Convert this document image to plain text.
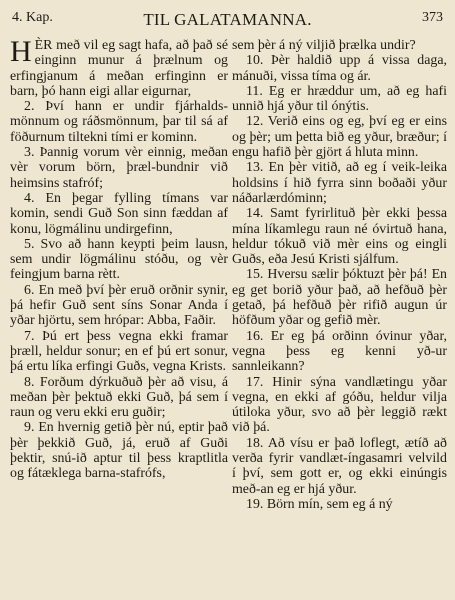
4. Kap.	TIL GALATAMANNA.	373

HÈR með vil eg sagt hafa, að það sé einginn munur á þrælnum og erfingjanum á meðan erfinginn er barn, þó hann eigi allar eigurnar,

2. Því hann er undir fjárhalds-mönnum og ráðsmönnum, þar til sá af föðurnum tiltekni tími er kominn.

3. Þannig vorum vèr einnig, meðan vèr vorum börn, þræl-bundnir við heimsins stafróf;

4. En þegar fylling tímans var komin, sendi Guð Son sinn fæddan af konu, lögmálinu undirgefinn,

5. Svo að hann keypti þeim lausn, sem undir lögmálinu stóðu, og vèr feingjum barna rètt.

6. En með því þèr eruð orðnir synir, þá hefir Guð sent síns Sonar Anda í yðar hjörtu, sem hrópar: Abba, Faðir.

7. Þú ert þess vegna ekki framar þræll, heldur sonur; en ef þú ert sonur, þá ertu líka erfingi Guðs, vegna Krists.

8. Forðum dýrkuðuð þèr að visu, á meðan þèr þektuð ekki Guð, þá sem í raun og veru ekki eru guðir;

9. En hvernig getið þèr nú, eptir það þèr þekkið Guð, já, eruð af Guði þektir, snú-ið aptur til þess kraptlitla og fátæklega barna-stafrófs,

sem þèr á ný viljið þrælka undir?

10. Þèr haldið upp á vissa daga, mánuði, vissa tíma og ár.

11. Eg er hræddur um, að eg hafi unnið hjá yður til ónýtis.

12. Verið eins og eg, því eg er eins og þèr; um þetta bið eg yður, bræður; í engu hafið þèr gjört á hluta minn.

13. En þèr vitið, að eg í veik-leika holdsins í hið fyrra sinn boðaði yður náðarlærdóminn;

14. Samt fyrirlituð þèr ekki þessa mína líkamlegu raun né óvirtuð hana, heldur tókuð við mèr eins og eingli Guðs, eða Jesú Kristi sjálfum.

15. Hversu sælir þóktuzt þèr þá! En eg get borið yður það, að hefðuð þèr getað, þá hefðuð þèr rifið augun úr höfðum yðar og gefið mèr.

16. Er eg þá orðinn óvinur yðar, vegna þess eg kenni yð-ur sannleikann?

17. Hinir sýna vandlætingu yðar vegna, en ekki af góðu, heldur vilja útiloka yður, svo að þèr leggið rækt við þá.

18. Að vísu er það loflegt, ætíð að verða fyrir vandlæt-íngasamri velvild í því, sem gott er, og ekki einúngis með-an eg er hjá yður.

19. Börn mín, sem eg á ný
